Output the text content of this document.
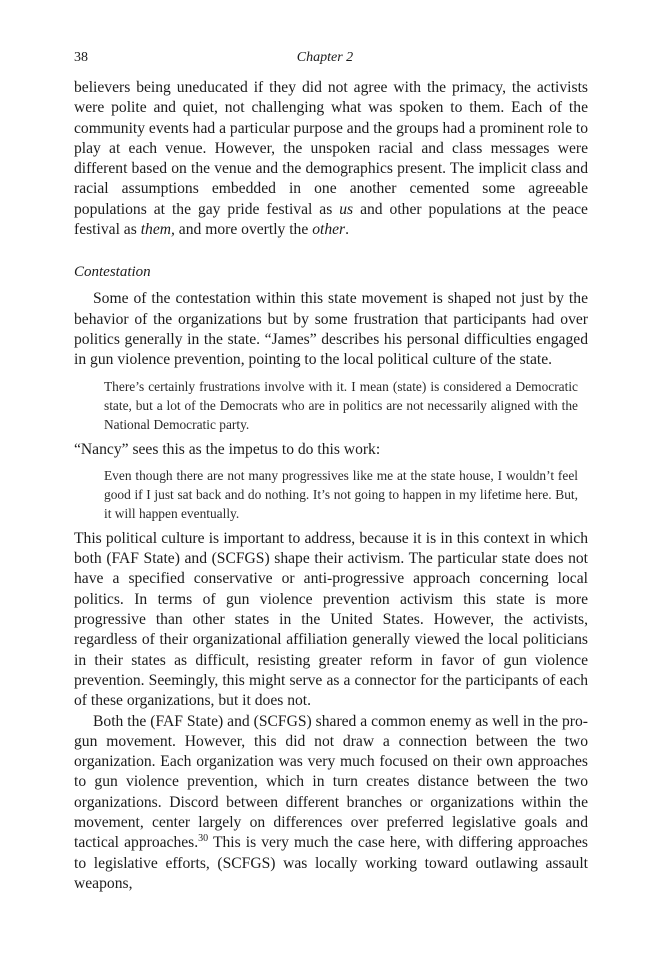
38	Chapter 2

believers being uneducated if they did not agree with the primacy, the activists were polite and quiet, not challenging what was spoken to them. Each of the community events had a particular purpose and the groups had a prominent role to play at each venue. However, the unspoken racial and class messages were different based on the venue and the demographics present. The implicit class and racial assumptions embedded in one another cemented some agreeable populations at the gay pride festival as us and other populations at the peace festival as them, and more overtly the other.

Contestation

Some of the contestation within this state movement is shaped not just by the behavior of the organizations but by some frustration that participants had over politics generally in the state. “James” describes his personal difficulties engaged in gun violence prevention, pointing to the local political culture of the state.

There’s certainly frustrations involve with it. I mean (state) is considered a Democratic state, but a lot of the Democrats who are in politics are not necessarily aligned with the National Democratic party.

“Nancy” sees this as the impetus to do this work:

Even though there are not many progressives like me at the state house, I wouldn’t feel good if I just sat back and do nothing. It’s not going to happen in my lifetime here. But, it will happen eventually.

This political culture is important to address, because it is in this context in which both (FAF State) and (SCFGS) shape their activism. The particular state does not have a specified conservative or anti-progressive approach concerning local politics. In terms of gun violence prevention activism this state is more progressive than other states in the United States. However, the activists, regardless of their organizational affiliation generally viewed the local politicians in their states as difficult, resisting greater reform in favor of gun violence prevention. Seemingly, this might serve as a connector for the participants of each of these organizations, but it does not.

Both the (FAF State) and (SCFGS) shared a common enemy as well in the pro-gun movement. However, this did not draw a connection between the two organization. Each organization was very much focused on their own approaches to gun violence prevention, which in turn creates distance between the two organizations. Discord between different branches or organizations within the movement, center largely on differences over preferred legislative goals and tactical approaches.$^{30}$ This is very much the case here, with differing approaches to legislative efforts, (SCFGS) was locally working toward outlawing assault weapons,
